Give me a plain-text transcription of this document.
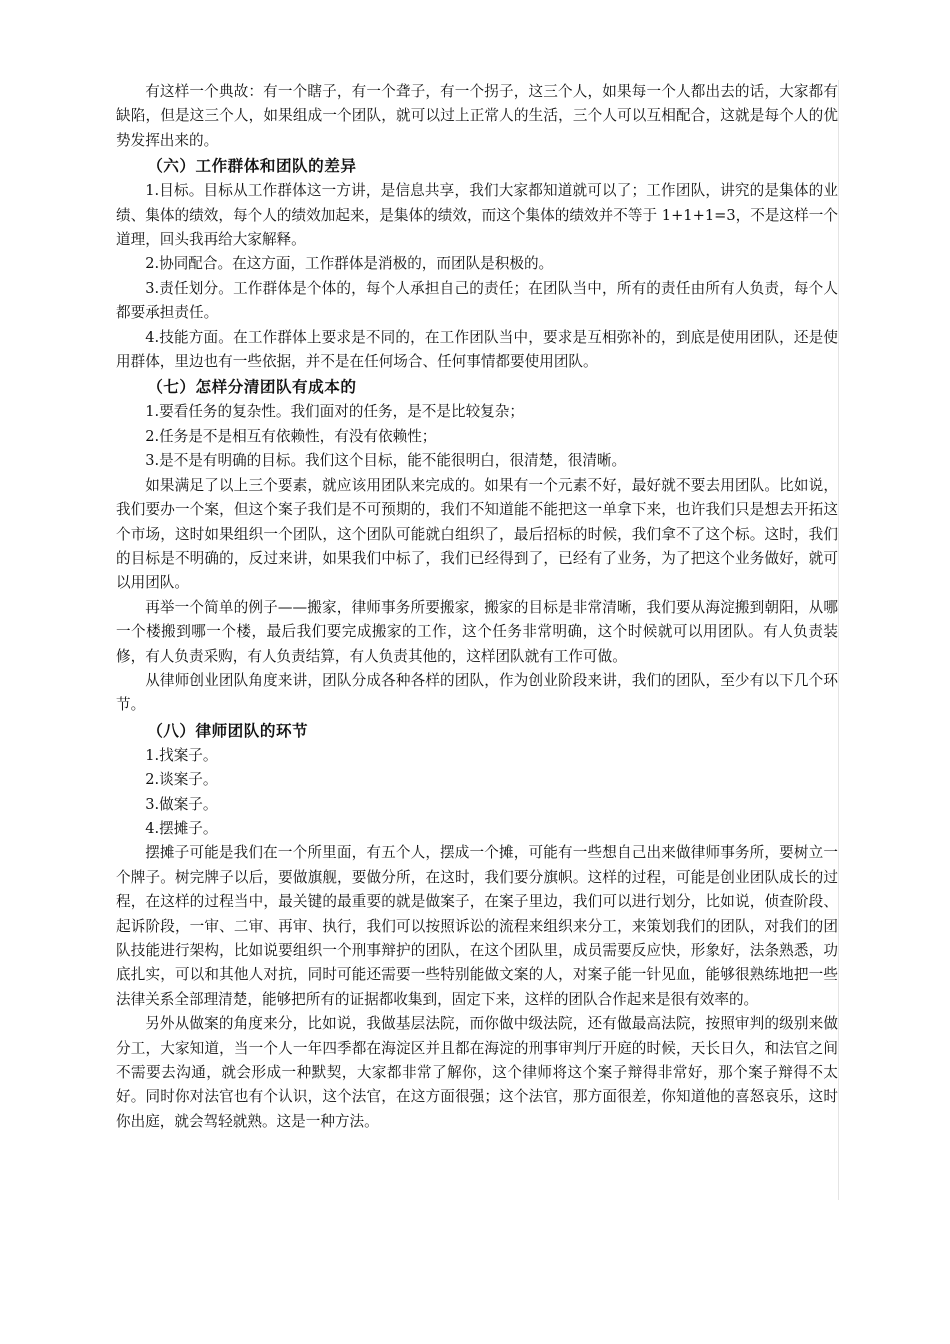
有这样一个典故：有一个瞎子，有一个聋子，有一个拐子，这三个人，如果每一个人都出去的话，大家都有缺陷，但是这三个人，如果组成一个团队，就可以过上正常人的生活，三个人可以互相配合，这就是每个人的优势发挥出来的。

（六）工作群体和团队的差异

1.目标。目标从工作群体这一方讲，是信息共享，我们大家都知道就可以了；工作团队，讲究的是集体的业绩、集体的绩效，每个人的绩效加起来，是集体的绩效，而这个集体的绩效并不等于 1+1+1=3，不是这样一个道理，回头我再给大家解释。

2.协同配合。在这方面，工作群体是消极的，而团队是积极的。

3.责任划分。工作群体是个体的，每个人承担自己的责任；在团队当中，所有的责任由所有人负责，每个人都要承担责任。

4.技能方面。在工作群体上要求是不同的，在工作团队当中，要求是互相弥补的，到底是使用团队，还是使用群体，里边也有一些依据，并不是在任何场合、任何事情都要使用团队。

（七）怎样分清团队有成本的

1.要看任务的复杂性。我们面对的任务，是不是比较复杂；

2.任务是不是相互有依赖性，有没有依赖性；

3.是不是有明确的目标。我们这个目标，能不能很明白，很清楚，很清晰。

如果满足了以上三个要素，就应该用团队来完成的。如果有一个元素不好，最好就不要去用团队。比如说，我们要办一个案，但这个案子我们是不可预期的，我们不知道能不能把这一单拿下来，也许我们只是想去开拓这个市场，这时如果组织一个团队，这个团队可能就白组织了，最后招标的时候，我们拿不了这个标。这时，我们的目标是不明确的，反过来讲，如果我们中标了，我们已经得到了，已经有了业务，为了把这个业务做好，就可以用团队。

再举一个简单的例子——搬家，律师事务所要搬家，搬家的目标是非常清晰，我们要从海淀搬到朝阳，从哪一个楼搬到哪一个楼，最后我们要完成搬家的工作，这个任务非常明确，这个时候就可以用团队。有人负责装修，有人负责采购，有人负责结算，有人负责其他的，这样团队就有工作可做。

从律师创业团队角度来讲，团队分成各种各样的团队，作为创业阶段来讲，我们的团队，至少有以下几个环节。

（八）律师团队的环节

1.找案子。

2.谈案子。

3.做案子。

4.摆摊子。

摆摊子可能是我们在一个所里面，有五个人，摆成一个摊，可能有一些想自己出来做律师事务所，要树立一个牌子。树完牌子以后，要做旗舰，要做分所，在这时，我们要分旗帜。这样的过程，可能是创业团队成长的过程，在这样的过程当中，最关键的最重要的就是做案子，在案子里边，我们可以进行划分，比如说，侦查阶段、起诉阶段，一审、二审、再审、执行，我们可以按照诉讼的流程来组织来分工，来策划我们的团队，对我们的团队技能进行架构，比如说要组织一个刑事辩护的团队，在这个团队里，成员需要反应快，形象好，法条熟悉，功底扎实，可以和其他人对抗，同时可能还需要一些特别能做文案的人，对案子能一针见血，能够很熟练地把一些法律关系全部理清楚，能够把所有的证据都收集到，固定下来，这样的团队合作起来是很有效率的。

另外从做案的角度来分，比如说，我做基层法院，而你做中级法院，还有做最高法院，按照审判的级别来做分工，大家知道，当一个人一年四季都在海淀区并且都在海淀的刑事审判厅开庭的时候，天长日久，和法官之间不需要去沟通，就会形成一种默契，大家都非常了解你，这个律师将这个案子辩得非常好，那个案子辩得不太好。同时你对法官也有个认识，这个法官，在这方面很强；这个法官，那方面很差，你知道他的喜怒哀乐，这时你出庭，就会驾轻就熟。这是一种方法。
